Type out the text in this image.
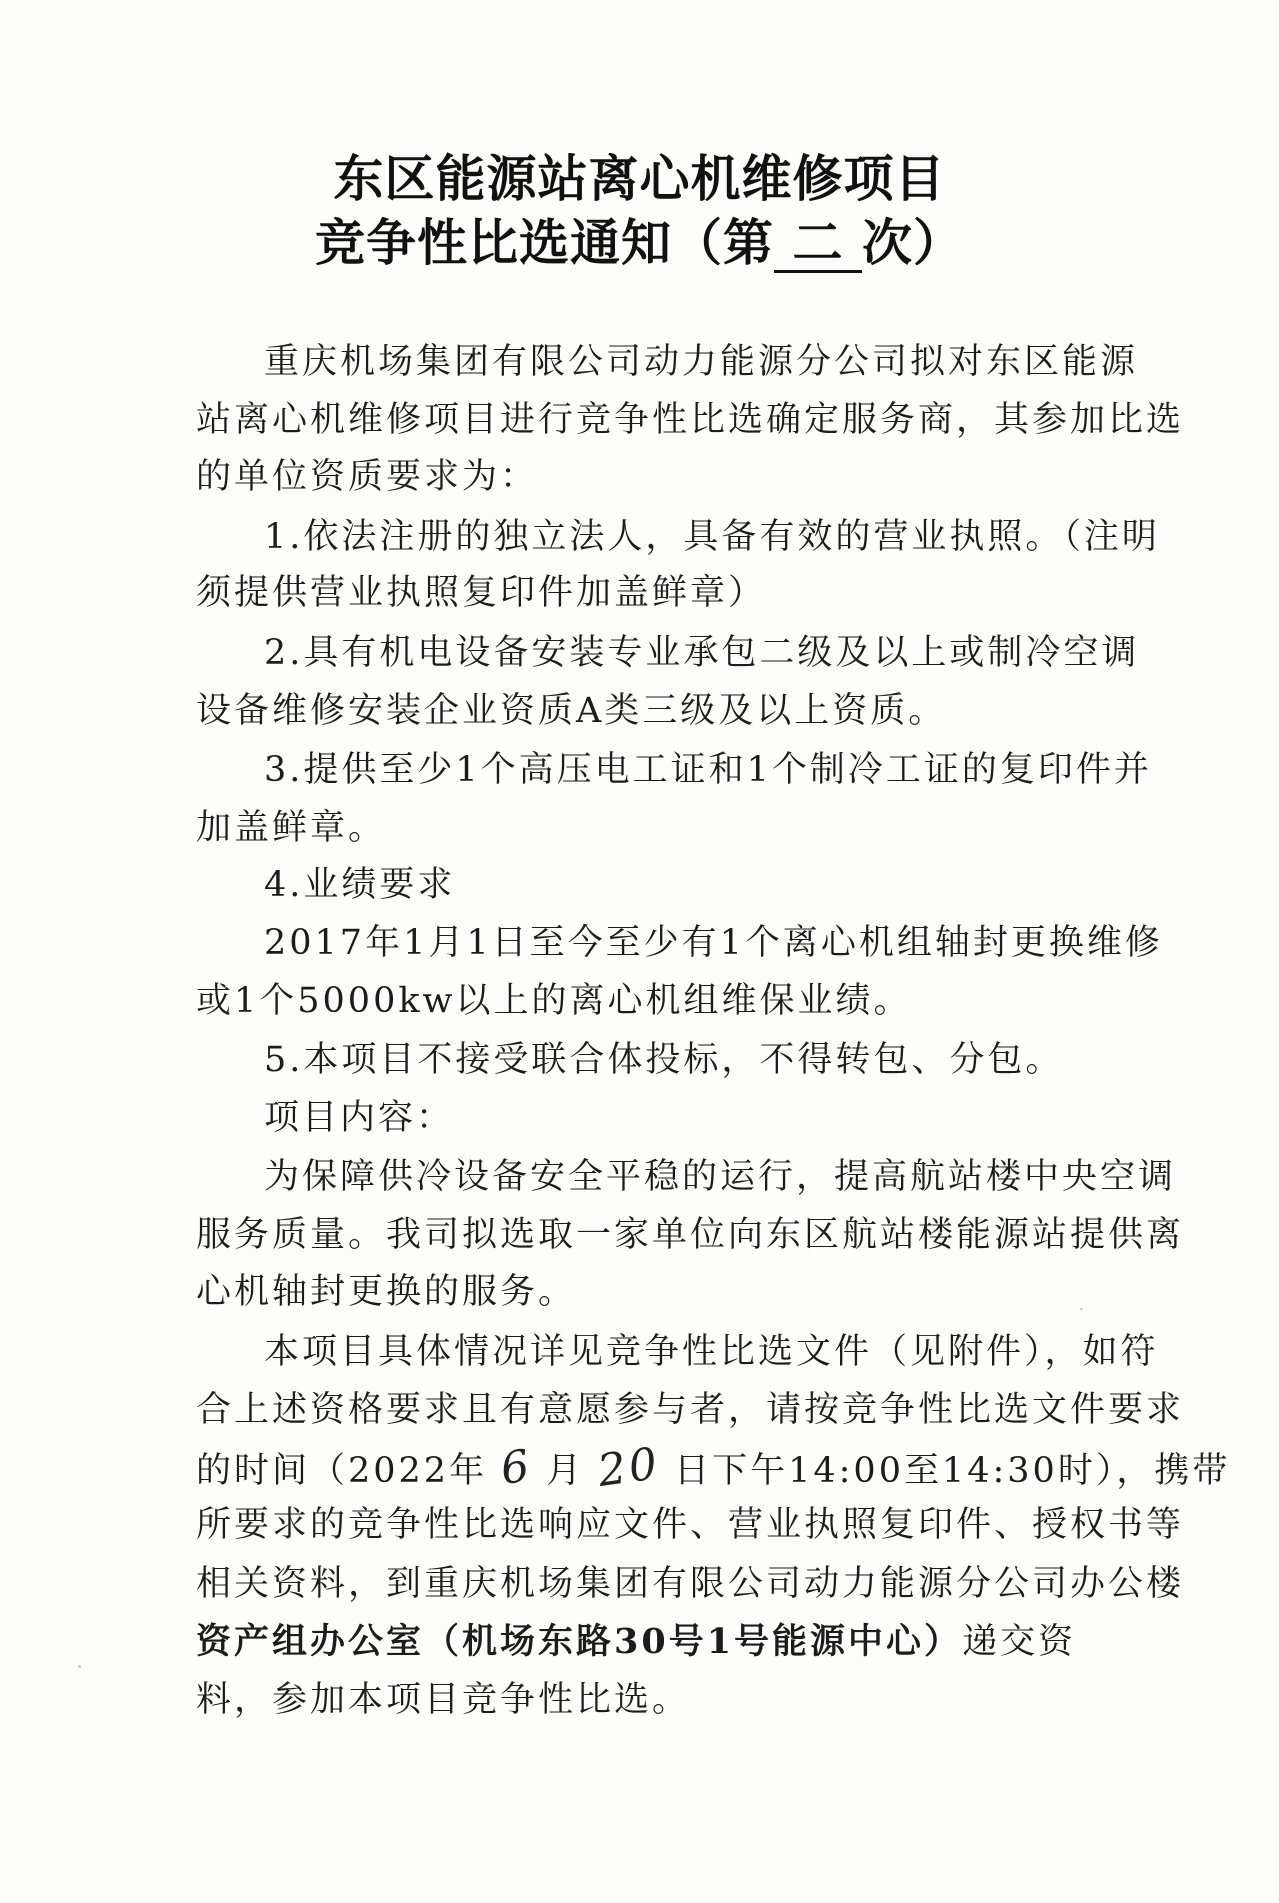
东区能源站离心机维修项目
竞争性比选通知（第 二 次）
重庆机场集团有限公司动力能源分公司拟对东区能源
站离心机维修项目进行竞争性比选确定服务商，其参加比选
的单位资质要求为：
1.依法注册的独立法人，具备有效的营业执照。（注明
须提供营业执照复印件加盖鲜章）
2.具有机电设备安装专业承包二级及以上或制冷空调
设备维修安装企业资质A类三级及以上资质。
3.提供至少1个高压电工证和1个制冷工证的复印件并
加盖鲜章。
4.业绩要求
2017年1月1日至今至少有1个离心机组轴封更换维修
或1个5000kw以上的离心机组维保业绩。
5.本项目不接受联合体投标，不得转包、分包。
项目内容：
为保障供冷设备安全平稳的运行，提高航站楼中央空调
服务质量。我司拟选取一家单位向东区航站楼能源站提供离
心机轴封更换的服务。
本项目具体情况详见竞争性比选文件（见附件），如符
合上述资格要求且有意愿参与者，请按竞争性比选文件要求
的时间（2022年 6 月 20 日下午14:00至14:30时），携带
所要求的竞争性比选响应文件、营业执照复印件、授权书等
相关资料，到重庆机场集团有限公司动力能源分公司办公楼
资产组办公室（机场东路30号1号能源中心）递交资
料，参加本项目竞争性比选。
